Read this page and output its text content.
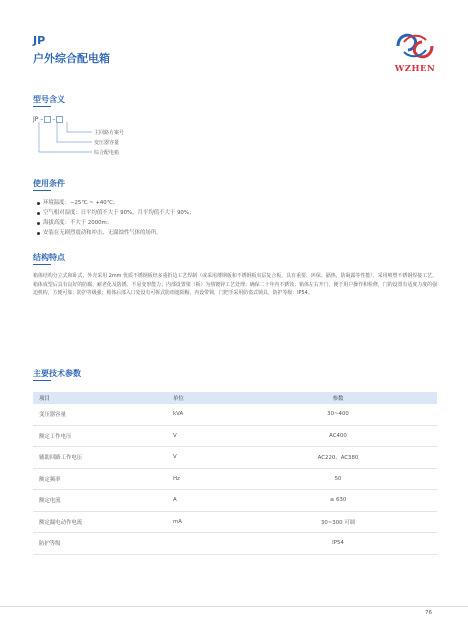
JP
户外综合配电箱
WZHEN
型号含义
JP – –
主回路方案号
变压器容量
综合配电箱
使用条件
环境温度：−25℃ ~ +40℃；
空气相对湿度：日平均值不大于 90%，月平均值不大于 90%；
海拔高度：不大于 2000m；
安装在无剧烈震动和冲击、无腐蚀性气体的场所。
结构特点

箱体结构分立式和卧式，外壳采用 2mm 优质不锈钢板经多重折边工艺焊制（或采用薄钢板和不锈钢板夹层复合板，具有重要、环保、隔热、防凝露等性能），采用喷塑不锈钢焊接工艺，箱体成型后具有良好的防腐、耐老化及防锈、不易变形能力；内部设置梁（板）为热镀锌工艺处理；确保二十年内不锈蚀；箱体左右开门，便于用户操作和检修，门的设置有适度力度的强迫机构，方便可靠；防护等级强；箱体后部入口处设有可拆式防雨遮阳帽，内设带锁，门把手采用防盗式锁具，防护等级：IP54。

主要技术参数
项目	单位	参数
变压器容量	kVA	30~400
额定工作电压	V	AC400
辅助回路工作电压	V	AC220、AC380
额定频率	Hz	50
额定电流	A	≤ 630
额定漏电动作电流	mA	30~300 可调
防护等级		IP54
76
